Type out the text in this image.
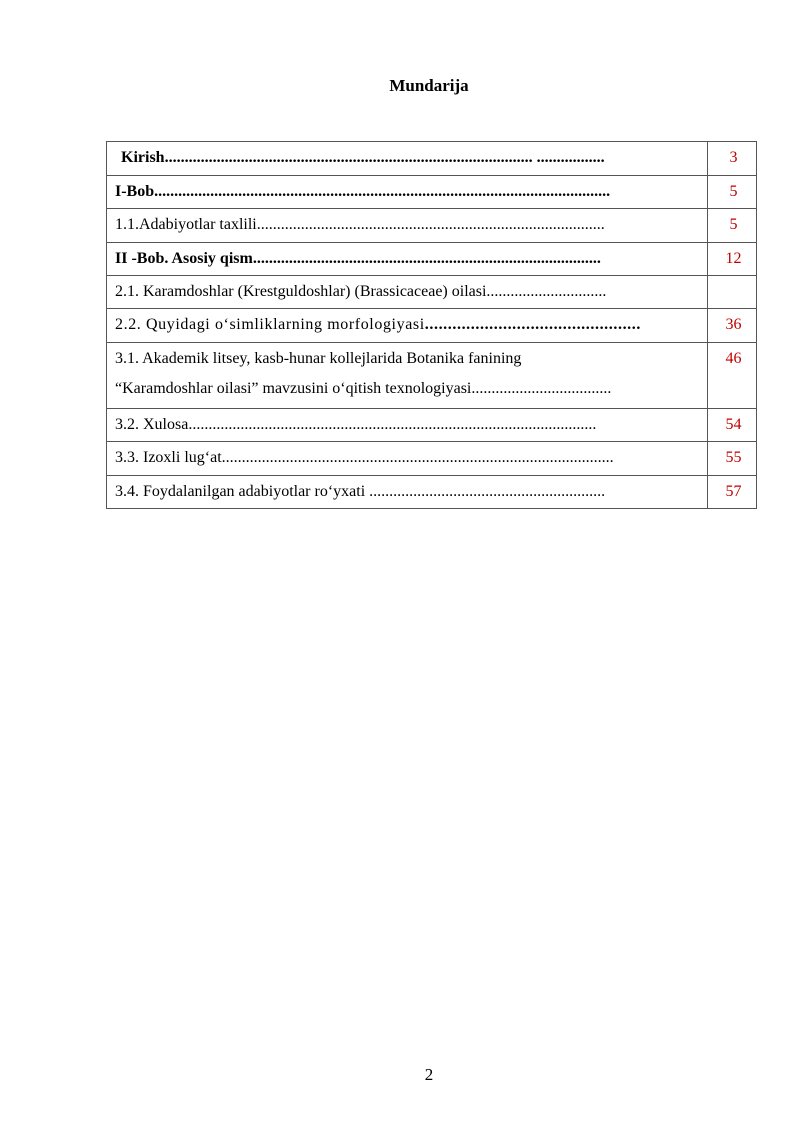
Mundarija
Kirish............................................................................................ .................	3
I-Bob..................................................................................................................	5
1.1.Adabiyotlar taxlili.......................................................................................	5
II -Bob. Asosiy qism.......................................................................................	12
2.1. Karamdoshlar (Krestguldoshlar) (Brassicaceae) oilasi..............................	
2.2. Quyidagi o‘simliklarning morfologiyasi...............................................	36

3.1. Akademik litsey, kasb-hunar kollejlarida Botanika fanining
“Karamdoshlar oilasi” mavzusini o‘qitish texnologiyasi...................................	46
3.2. Xulosa......................................................................................................	54
3.3. Izoxli lug‘at..................................................................................................	55
3.4. Foydalanilgan adabiyotlar ro‘yxati ...........................................................	57
2
